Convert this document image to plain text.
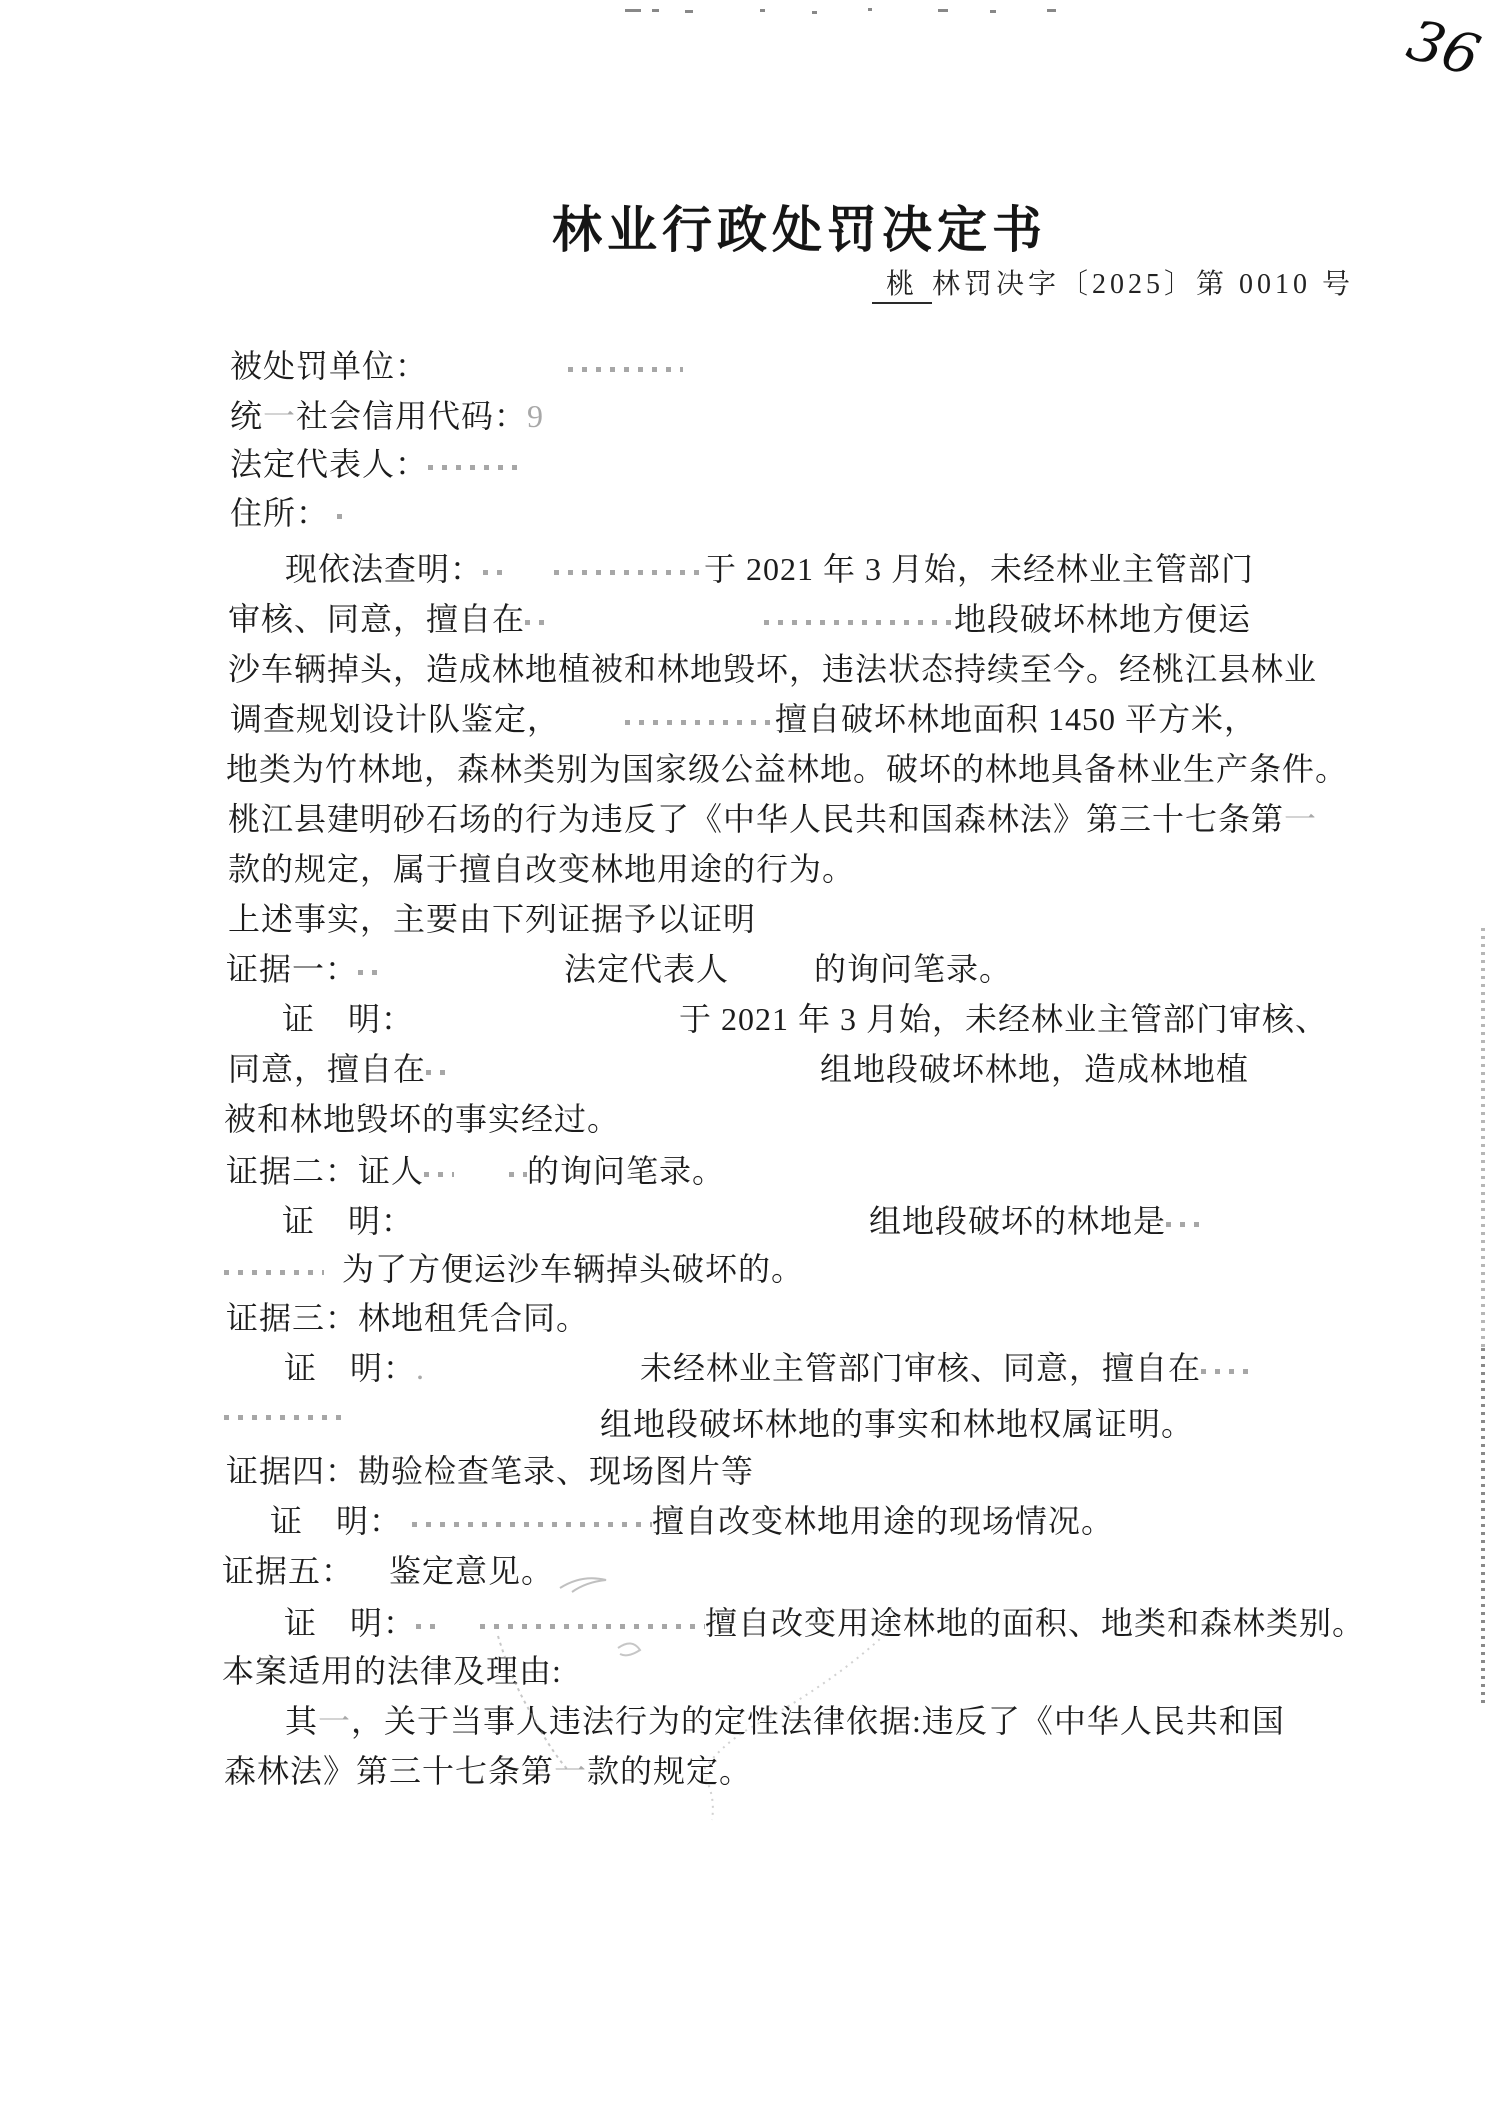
36
林业行政处罚决定书
桃 林罚决字〔2025〕第 0010 号
被处罚单位：
统一社会信用代码：9
法定代表人：
住所：
现依法查明：	于 2021 年 3 月始，未经林业主管部门
审核、同意，擅自在	地段破坏林地方便运
沙车辆掉头，造成林地植被和林地毁坏，违法状态持续至今。经桃江县林业
调查规划设计队鉴定，	擅自破坏林地面积 1450 平方米，
地类为竹林地，森林类别为国家级公益林地。破坏的林地具备林业生产条件。
桃江县建明砂石场的行为违反了《中华人民共和国森林法》第三十七条第一
款的规定，属于擅自改变林地用途的行为。
上述事实，主要由下列证据予以证明
证据一：	法定代表人	的询问笔录。
证　明：	于 2021 年 3 月始，未经林业主管部门审核、
同意，擅自在	组地段破坏林地，造成林地植
被和林地毁坏的事实经过。
证据二：证人	的询问笔录。
证　明：	组地段破坏的林地是
为了方便运沙车辆掉头破坏的。
证据三：林地租凭合同。
证　明：.	未经林业主管部门审核、同意，擅自在
组地段破坏林地的事实和林地权属证明。
证据四：勘验检查笔录、现场图片等
证　明：	擅自改变林地用途的现场情况。
证据五： 鉴定意见。
证　明：	擅自改变用途林地的面积、地类和森林类别。
本案适用的法律及理由:
其一，关于当事人违法行为的定性法律依据:违反了《中华人民共和国
森林法》第三十七条第一款的规定。
